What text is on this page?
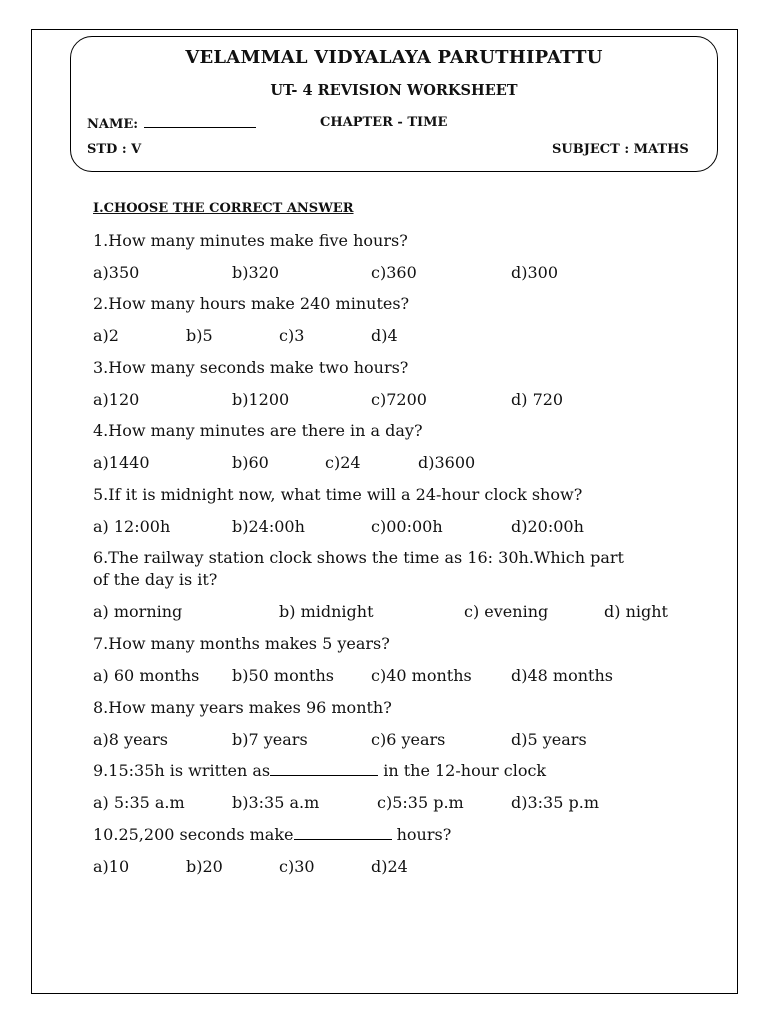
VELAMMAL VIDYALAYA PARUTHIPATTU
UT- 4 REVISION WORKSHEET
NAME:	CHAPTER - TIME
STD : V	SUBJECT : MATHS
I.CHOOSE THE CORRECT ANSWER
1.How many minutes make five hours?
a)350	b)320	c)360	d)300
2.How many hours make 240 minutes?
a)2	b)5	c)3	d)4
3.How many seconds make two hours?
a)120	b)1200	c)7200	d) 720
4.How many minutes are there in a day?
a)1440	b)60	c)24	d)3600
5.If it is midnight now, what time will a 24-hour clock show?
a) 12:00h	b)24:00h	c)00:00h	d)20:00h
6.The railway station clock shows the time as 16: 30h.Which part
of the day is it?
a) morning	b) midnight	c) evening	d) night
7.How many months makes 5 years?
a) 60 months b)50 months c)40 months d)48 months
8.How many years makes 96 month?
a)8 years	b)7 years	c)6 years	d)5 years
9.15:35h is written as	in the 12-hour clock
a) 5:35 a.m	b)3:35 a.m	c)5:35 p.m	d)3:35 p.m
10.25,200 seconds make	hours?
a)10	b)20	c)30	d)24
